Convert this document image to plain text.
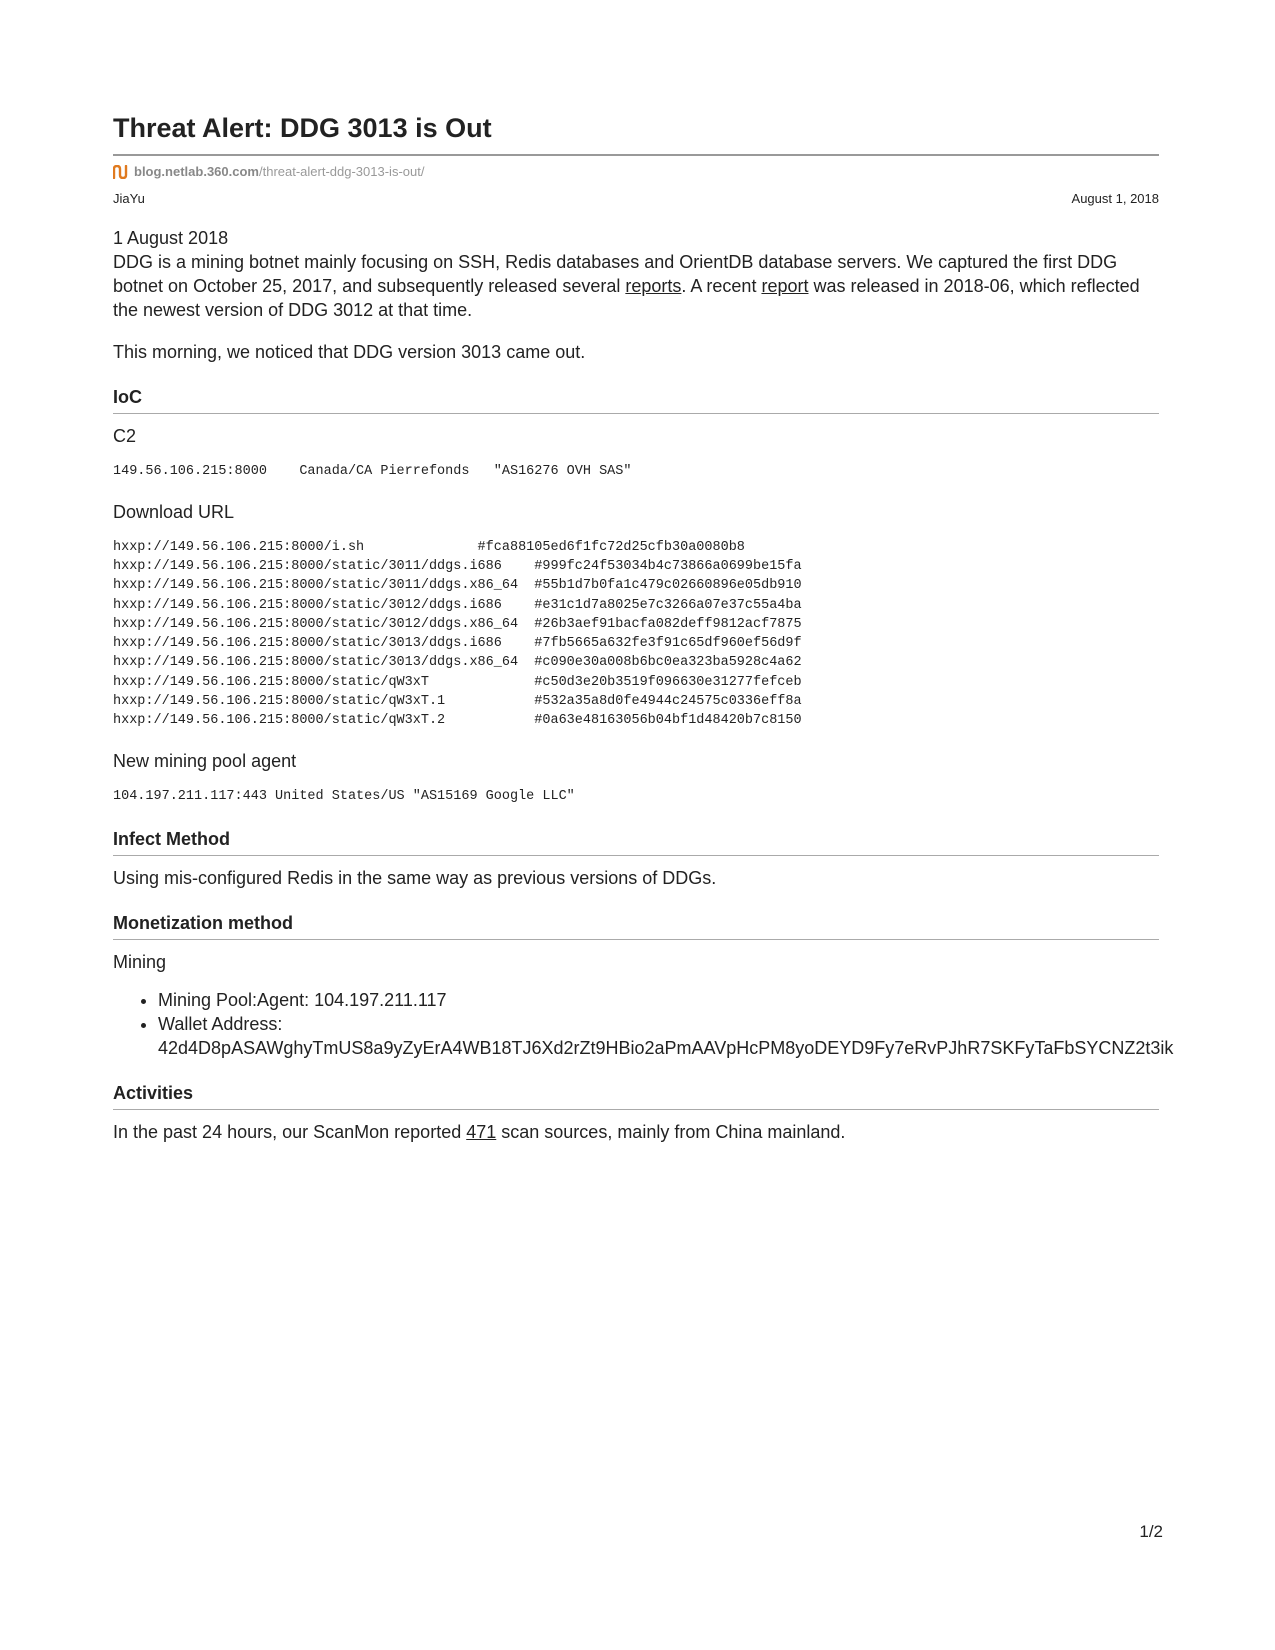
Threat Alert: DDG 3013 is Out
blog.netlab.360.com/threat-alert-ddg-3013-is-out/
JiaYu	August 1, 2018

1 August 2018

DDG is a mining botnet mainly focusing on SSH, Redis databases and OrientDB database servers. We captured the first DDG botnet on October 25, 2017, and subsequently released several reports. A recent report was released in 2018-06, which reflected the newest version of DDG 3012 at that time.

This morning, we noticed that DDG version 3013 came out.

IoC

C2

149.56.106.215:8000    Canada/CA Pierrefonds   "AS16276 OVH SAS"

Download URL

hxxp://149.56.106.215:8000/i.sh              #fca88105ed6f1fc72d25cfb30a0080b8
hxxp://149.56.106.215:8000/static/3011/ddgs.i686    #999fc24f53034b4c73866a0699be15fa
hxxp://149.56.106.215:8000/static/3011/ddgs.x86_64  #55b1d7b0fa1c479c02660896e05db910
hxxp://149.56.106.215:8000/static/3012/ddgs.i686    #e31c1d7a8025e7c3266a07e37c55a4ba
hxxp://149.56.106.215:8000/static/3012/ddgs.x86_64  #26b3aef91bacfa082deff9812acf7875
hxxp://149.56.106.215:8000/static/3013/ddgs.i686    #7fb5665a632fe3f91c65df960ef56d9f
hxxp://149.56.106.215:8000/static/3013/ddgs.x86_64  #c090e30a008b6bc0ea323ba5928c4a62
hxxp://149.56.106.215:8000/static/qW3xT             #c50d3e20b3519f096630e31277fefceb
hxxp://149.56.106.215:8000/static/qW3xT.1           #532a35a8d0fe4944c24575c0336eff8a
hxxp://149.56.106.215:8000/static/qW3xT.2           #0a63e48163056b04bf1d48420b7c8150

New mining pool agent

104.197.211.117:443 United States/US "AS15169 Google LLC"
Infect Method

Using mis-configured Redis in the same way as previous versions of DDGs.

Monetization method

Mining

• Mining Pool:Agent: 104.197.211.117
• Wallet Address:
42d4D8pASAWghyTmUS8a9yZyErA4WB18TJ6Xd2rZt9HBio2aPmAAVpHcPM8yoDEYD9Fy7eRvPJhR7SKFyTaFbSYCNZ2t3ik
Activities

In the past 24 hours, our ScanMon reported 471 scan sources, mainly from China mainland.

1/2
